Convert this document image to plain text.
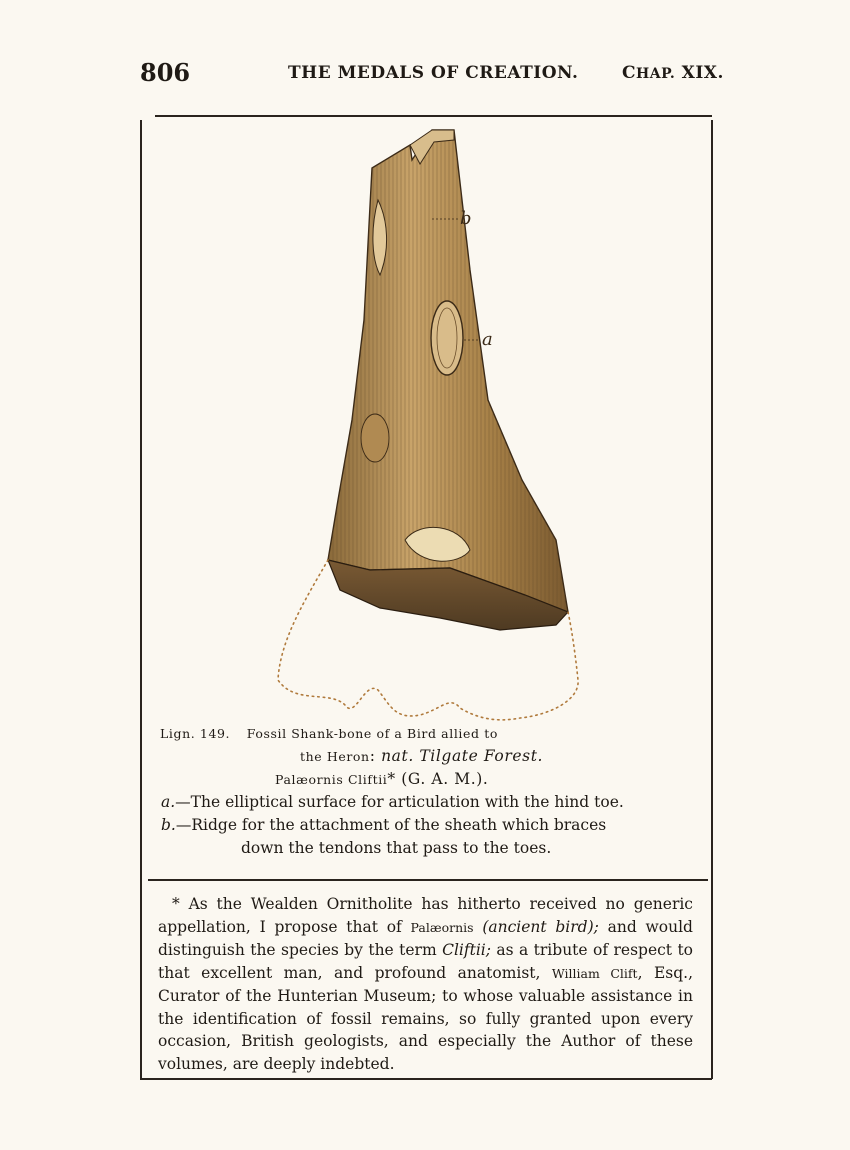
806	THE MEDALS OF CREATION.	CHAP. XIX.
b
a
Lign. 149. Fossil Shank-bone of a Bird allied to
the Heron: nat. Tilgate Forest.
Palæornis Cliftii* (G. A. M.).
a.—The elliptical surface for articulation with the hind toe.
b.—Ridge for the attachment of the sheath which braces
down the tendons that pass to the toes.

* As the Wealden Ornitholite has hitherto received no generic appellation, I propose that of Palæornis (ancient bird); and would distinguish the species by the term Cliftii; as a tribute of respect to that excellent man, and profound anatomist, William Clift, Esq., Curator of the Hunterian Museum; to whose valuable assistance in the identification of fossil remains, so fully granted upon every occasion, British geologists, and especially the Author of these volumes, are deeply indebted.
